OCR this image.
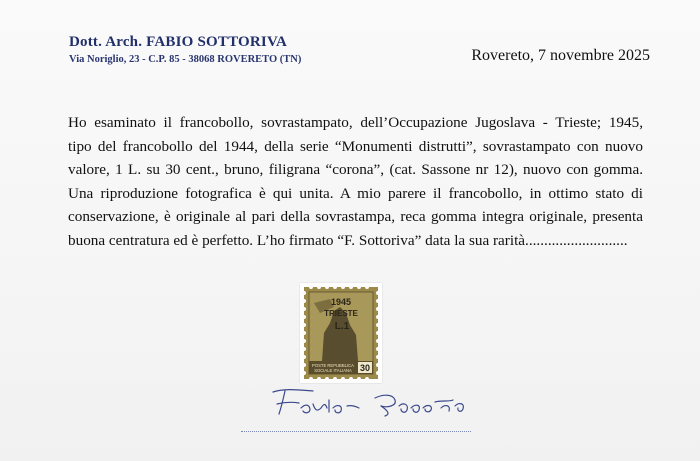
Dott. Arch. FABIO SOTTORIVA
Via Noriglio, 23 - C.P. 85 - 38068 ROVERETO (TN)	Rovereto, 7 novembre 2025
Ho esaminato il francobollo, sovrastampato, dell’Occupazione Jugoslava - Trieste; 1945,
tipo del francobollo del 1944, della serie “Monumenti distrutti”, sovrastampato con nuovo
valore, 1 L. su 30 cent., bruno, filigrana “corona”, (cat. Sassone nr 12), nuovo con gomma.
Una riproduzione fotografica è qui unita. A mio parere il francobollo, in ottimo stato di
conservazione, è originale al pari della sovrastampa, reca gomma integra originale, presenta
buona centratura ed è perfetto. L’ho firmato “F. Sottoriva” data la sua rarità...........................
1945
TRIESTE
L.1
POSTE REPUBBLICA
SOCIALE ITALIANA 30
